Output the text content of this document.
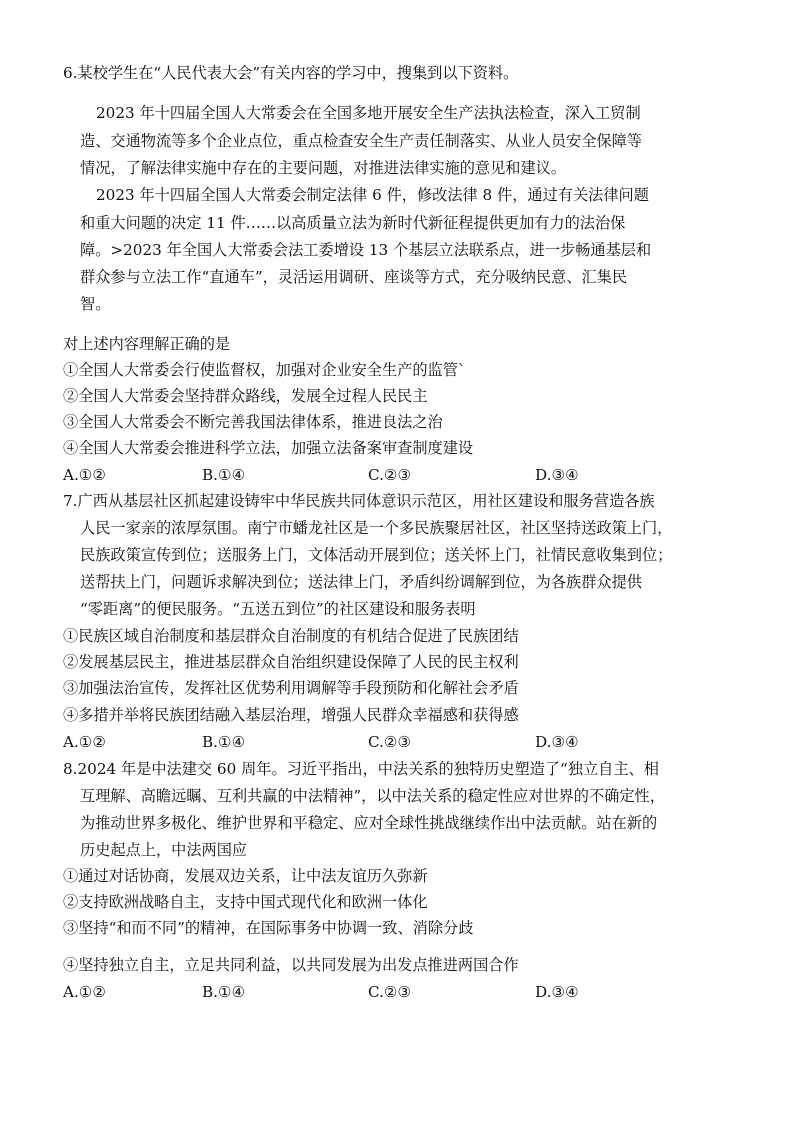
6.某校学生在“人民代表大会”有关内容的学习中，搜集到以下资料。
2023 年十四届全国人大常委会在全国多地开展安全生产法执法检查，深入工贸制
造、交通物流等多个企业点位，重点检查安全生产责任制落实、从业人员安全保障等
情况，了解法律实施中存在的主要问题，对推进法律实施的意见和建议。
2023 年十四届全国人大常委会制定法律 6 件，修改法律 8 件，通过有关法律问题
和重大问题的决定 11 件……以高质量立法为新时代新征程提供更加有力的法治保
障。>2023 年全国人大常委会法工委增设 13 个基层立法联系点，进一步畅通基层和
群众参与立法工作“直通车”，灵活运用调研、座谈等方式，充分吸纳民意、汇集民
智。
对上述内容理解正确的是
①全国人大常委会行使监督权，加强对企业安全生产的监管`
②全国人大常委会坚持群众路线，发展全过程人民民主
③全国人大常委会不断完善我国法律体系，推进良法之治
④全国人大常委会推进科学立法，加强立法备案审查制度建设
A.①②	B.①④	C.②③	D.③④
7.广西从基层社区抓起建设铸牢中华民族共同体意识示范区，用社区建设和服务营造各族
人民一家亲的浓厚氛围。南宁市蟠龙社区是一个多民族聚居社区，社区坚持送政策上门，
民族政策宣传到位；送服务上门，文体活动开展到位；送关怀上门，社情民意收集到位；
送帮扶上门，问题诉求解决到位；送法律上门，矛盾纠纷调解到位，为各族群众提供
“零距离”的便民服务。“五送五到位”的社区建设和服务表明
①民族区域自治制度和基层群众自治制度的有机结合促进了民族团结
②发展基层民主，推进基层群众自治组织建设保障了人民的民主权利
③加强法治宣传，发挥社区优势利用调解等手段预防和化解社会矛盾
④多措并举将民族团结融入基层治理，增强人民群众幸福感和获得感
A.①②	B.①④	C.②③	D.③④
8.2024 年是中法建交 60 周年。习近平指出，中法关系的独特历史塑造了“独立自主、相
互理解、高瞻远瞩、互利共赢的中法精神”，以中法关系的稳定性应对世界的不确定性，
为推动世界多极化、维护世界和平稳定、应对全球性挑战继续作出中法贡献。站在新的
历史起点上，中法两国应
①通过对话协商，发展双边关系，让中法友谊历久弥新
②支持欧洲战略自主，支持中国式现代化和欧洲一体化
③坚持“和而不同”的精神，在国际事务中协调一致、消除分歧
④坚持独立自主，立足共同利益，以共同发展为出发点推进两国合作
A.①②	B.①④	C.②③	D.③④
